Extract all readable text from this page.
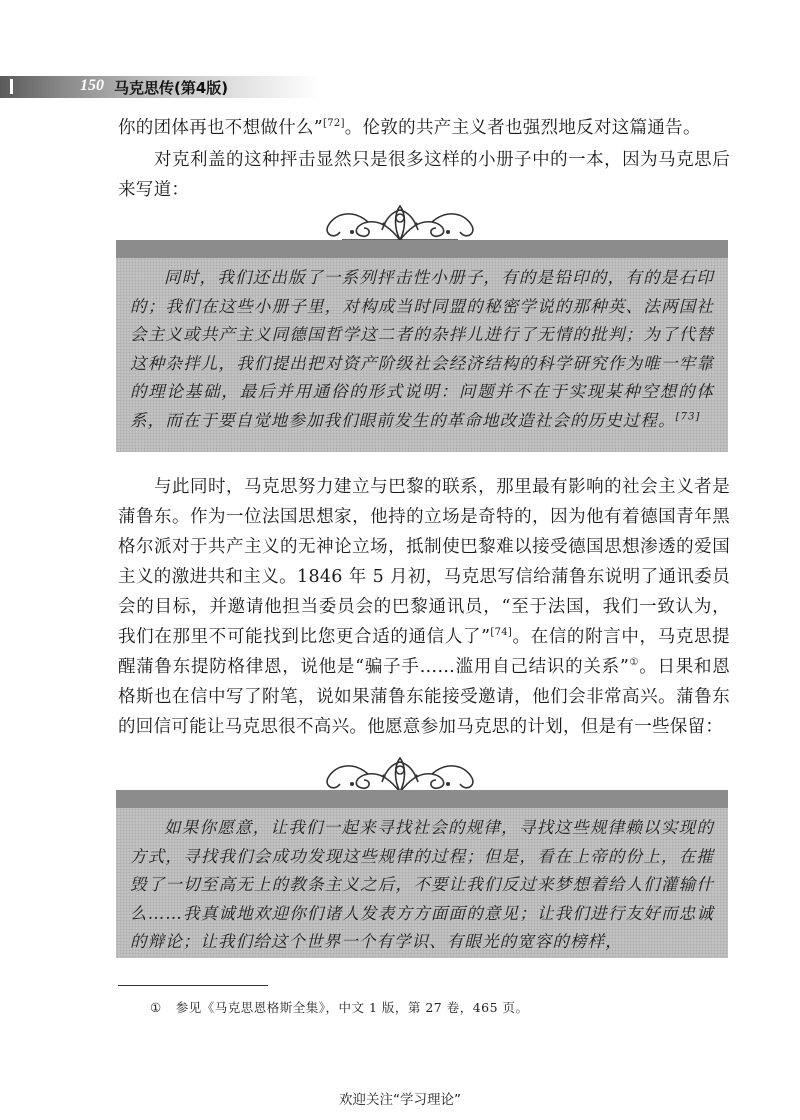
150 马克思传(第4版)

你的团体再也不想做什么”[72]。伦敦的共产主义者也强烈地反对这篇通告。

对克利盖的这种抨击显然只是很多这样的小册子中的一本，因为马克思后来写道：

同时，我们还出版了一系列抨击性小册子，有的是铅印的，有的是石印的；我们在这些小册子里，对构成当时同盟的秘密学说的那种英、法两国社会主义或共产主义同德国哲学这二者的杂拌儿进行了无情的批判；为了代替这种杂拌儿，我们提出把对资产阶级社会经济结构的科学研究作为唯一牢靠的理论基础，最后并用通俗的形式说明：问题并不在于实现某种空想的体系，而在于要自觉地参加我们眼前发生的革命地改造社会的历史过程。[73]

与此同时，马克思努力建立与巴黎的联系，那里最有影响的社会主义者是蒲鲁东。作为一位法国思想家，他持的立场是奇特的，因为他有着德国青年黑格尔派对于共产主义的无神论立场，抵制使巴黎难以接受德国思想渗透的爱国主义的激进共和主义。1846 年 5 月初，马克思写信给蒲鲁东说明了通讯委员会的目标，并邀请他担当委员会的巴黎通讯员，“至于法国，我们一致认为，我们在那里不可能找到比您更合适的通信人了”[74]。在信的附言中，马克思提醒蒲鲁东提防格律恩，说他是“骗子手……滥用自己结识的关系”①。日果和恩格斯也在信中写了附笔，说如果蒲鲁东能接受邀请，他们会非常高兴。蒲鲁东的回信可能让马克思很不高兴。他愿意参加马克思的计划，但是有一些保留：

如果你愿意，让我们一起来寻找社会的规律，寻找这些规律赖以实现的方式，寻找我们会成功发现这些规律的过程；但是，看在上帝的份上，在摧毁了一切至高无上的教条主义之后，不要让我们反过来梦想着给人们灌输什么……我真诚地欢迎你们诸人发表方方面面的意见；让我们进行友好而忠诚的辩论；让我们给这个世界一个有学识、有眼光的宽容的榜样，

① 参见《马克思恩格斯全集》，中文 1 版，第 27 卷，465 页。
欢迎关注“学习理论”
